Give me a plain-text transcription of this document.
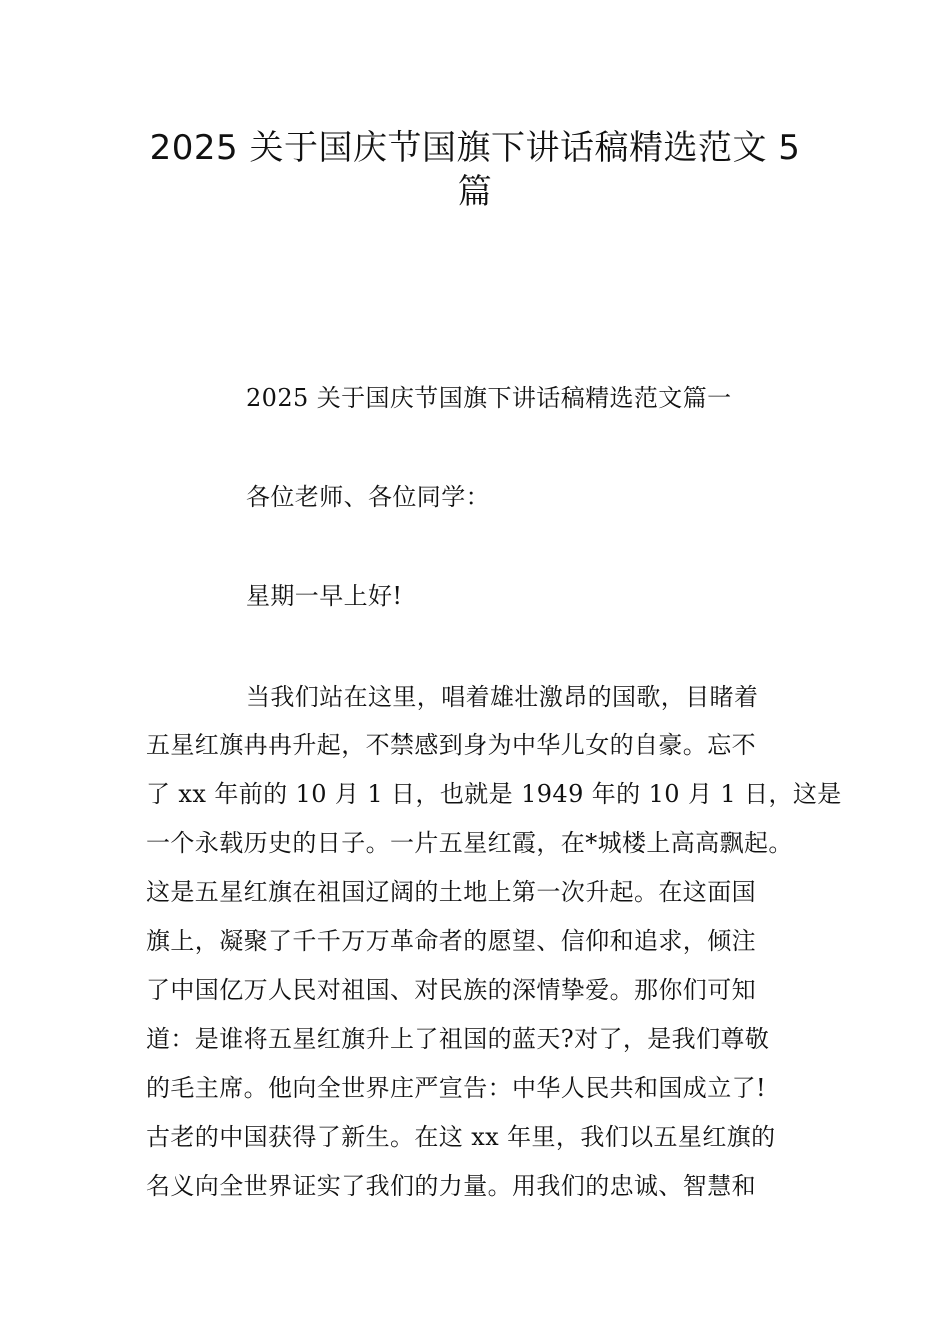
2025 关于国庆节国旗下讲话稿精选范文 5 篇
2025 关于国庆节国旗下讲话稿精选范文篇一
各位老师、各位同学：
星期一早上好!
当我们站在这里，唱着雄壮激昂的国歌，目睹着
五星红旗冉冉升起，不禁感到身为中华儿女的自豪。忘不
了 xx 年前的 10 月 1 日，也就是 1949 年的 10 月 1 日，这是
一个永载历史的日子。一片五星红霞，在*城楼上高高飘起。
这是五星红旗在祖国辽阔的土地上第一次升起。在这面国
旗上，凝聚了千千万万革命者的愿望、信仰和追求，倾注
了中国亿万人民对祖国、对民族的深情挚爱。那你们可知
道：是谁将五星红旗升上了祖国的蓝天?对了，是我们尊敬
的毛主席。他向全世界庄严宣告：中华人民共和国成立了!
古老的中国获得了新生。在这 xx 年里，我们以五星红旗的
名义向全世界证实了我们的力量。用我们的忠诚、智慧和
